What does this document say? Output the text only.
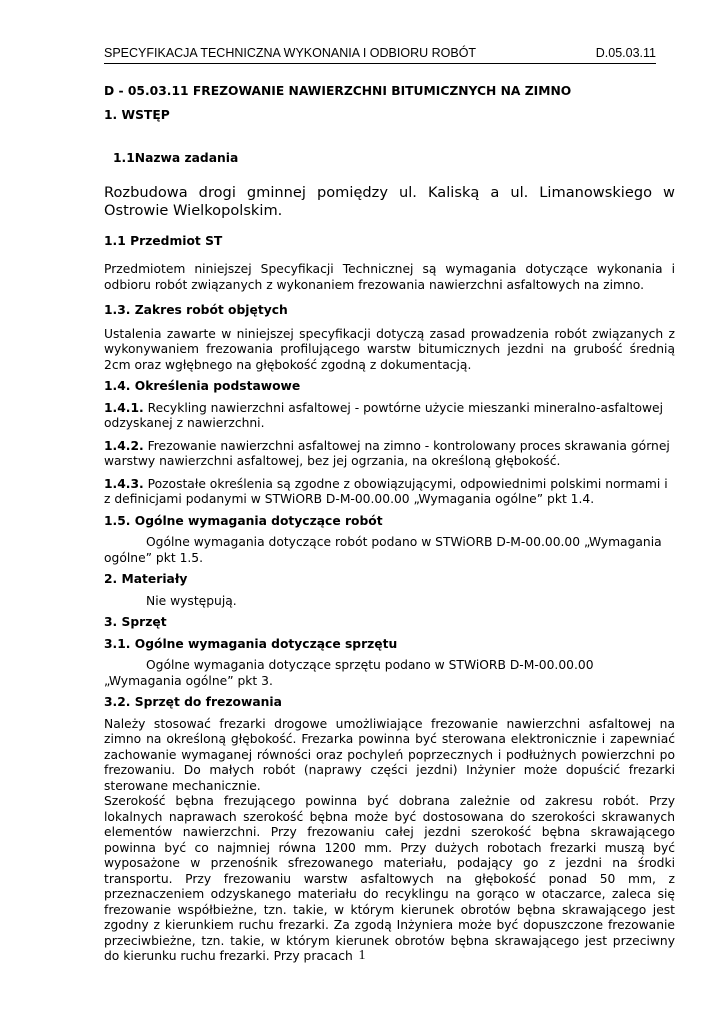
SPECYFIKACJA TECHNICZNA WYKONANIA I ODBIORU ROBÓT	D.05.03.11

D - 05.03.11 FREZOWANIE NAWIERZCHNI BITUMICZNYCH NA ZIMNO

1. WSTĘP

1.1Nazwa zadania

Rozbudowa drogi gminnej pomiędzy ul. Kaliską a ul. Limanowskiego w Ostrowie Wielkopolskim.

1.1 Przedmiot ST

Przedmiotem niniejszej Specyfikacji Technicznej są wymagania dotyczące wykonania i odbioru robót związanych z wykonaniem frezowania nawierzchni asfaltowych na zimno.

1.3. Zakres robót objętych

Ustalenia zawarte w niniejszej specyfikacji dotyczą zasad prowadzenia robót związanych z wykonywaniem frezowania profilującego warstw bitumicznych jezdni na grubość średnią 2cm oraz wgłębnego na głębokość zgodną z dokumentacją.

1.4. Określenia podstawowe

1.4.1. Recykling nawierzchni asfaltowej - powtórne użycie mieszanki mineralno-asfaltowej odzyskanej z nawierzchni.

1.4.2. Frezowanie nawierzchni asfaltowej na zimno - kontrolowany proces skrawania górnej warstwy nawierzchni asfaltowej, bez jej ogrzania, na określoną głębokość.

1.4.3. Pozostałe określenia są zgodne z obowiązującymi, odpowiednimi polskimi normami i z definicjami podanymi w STWiORB D-M-00.00.00 „Wymagania ogólne” pkt 1.4.

1.5. Ogólne wymagania dotyczące robót

Ogólne wymagania dotyczące robót podano w STWiORB D-M-00.00.00 „Wymagania ogólne” pkt 1.5.

2. Materiały

Nie występują.

3. Sprzęt

3.1. Ogólne wymagania dotyczące sprzętu

Ogólne wymagania dotyczące sprzętu podano w STWiORB D-M-00.00.00 „Wymagania ogólne” pkt 3.

3.2. Sprzęt do frezowania

Należy stosować frezarki drogowe umożliwiające frezowanie nawierzchni asfaltowej na zimno na określoną głębokość. Frezarka powinna być sterowana elektronicznie i zapewniać zachowanie wymaganej równości oraz pochyleń poprzecznych i podłużnych powierzchni po frezowaniu. Do małych robót (naprawy części jezdni) Inżynier może dopuścić frezarki sterowane mechanicznie.

Szerokość bębna frezującego powinna być dobrana zależnie od zakresu robót. Przy lokalnych naprawach szerokość bębna może być dostosowana do szerokości skrawanych elementów nawierzchni. Przy frezowaniu całej jezdni szerokość bębna skrawającego powinna być co najmniej równa 1200 mm. Przy dużych robotach frezarki muszą być wyposażone w przenośnik sfrezowanego materiału, podający go z jezdni na środki transportu. Przy frezowaniu warstw asfaltowych na głębokość ponad 50 mm, z przeznaczeniem odzyskanego materiału do recyklingu na gorąco w otaczarce, zaleca się frezowanie współbieżne, tzn. takie, w którym kierunek obrotów bębna skrawającego jest zgodny z kierunkiem ruchu frezarki. Za zgodą Inżyniera może być dopuszczone frezowanie przeciwbieżne, tzn. takie, w którym kierunek obrotów bębna skrawającego jest przeciwny do kierunku ruchu frezarki. Przy pracach 1
